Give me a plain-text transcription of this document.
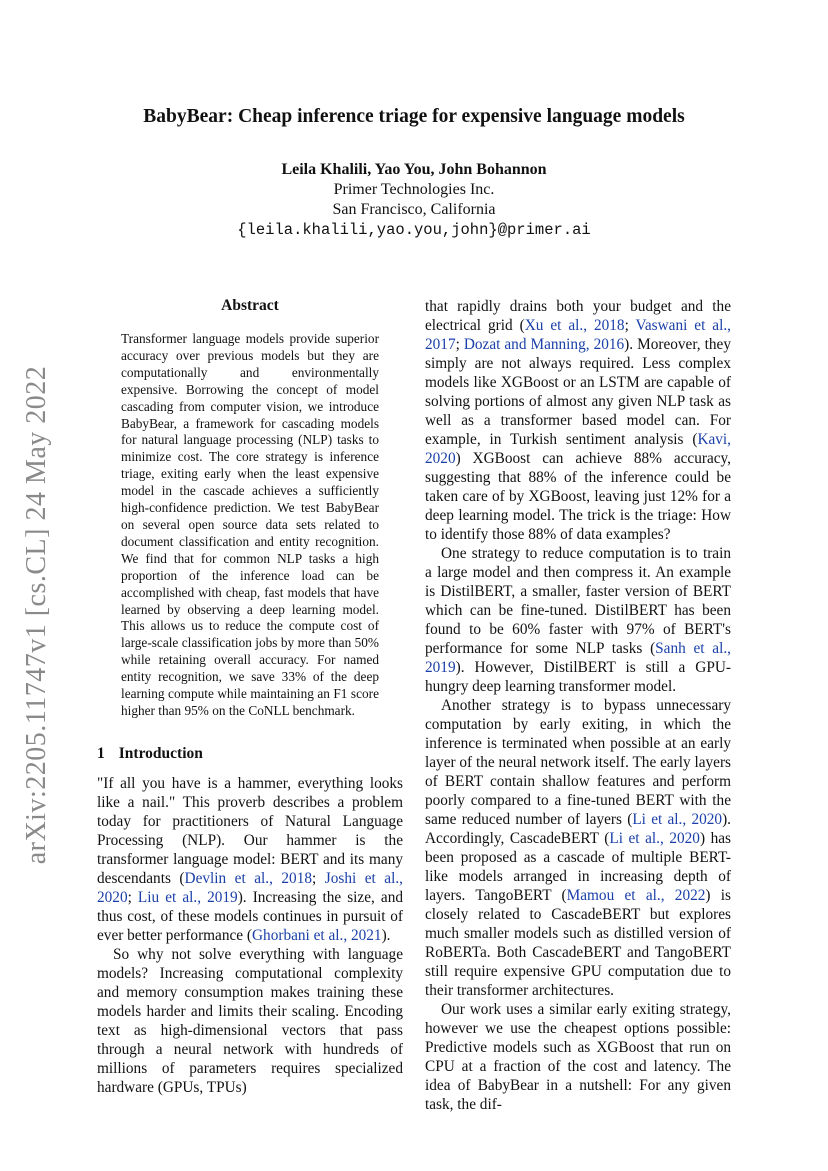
arXiv:2205.11747v1 [cs.CL] 24 May 2022
BabyBear: Cheap inference triage for expensive language models
Leila Khalili, Yao You, John Bohannon
Primer Technologies Inc.
San Francisco, California
{leila.khalili,yao.you,john}@primer.ai
Abstract

Transformer language models provide superior accuracy over previous models but they are computationally and environmentally expensive. Borrowing the concept of model cascading from computer vision, we introduce BabyBear, a framework for cascading models for natural language processing (NLP) tasks to minimize cost. The core strategy is inference triage, exiting early when the least expensive model in the cascade achieves a sufficiently high-confidence prediction. We test BabyBear on several open source data sets related to document classification and entity recognition. We find that for common NLP tasks a high proportion of the inference load can be accomplished with cheap, fast models that have learned by observing a deep learning model. This allows us to reduce the compute cost of large-scale classification jobs by more than 50% while retaining overall accuracy. For named entity recognition, we save 33% of the deep learning compute while maintaining an F1 score higher than 95% on the CoNLL benchmark.

1 Introduction

"If all you have is a hammer, everything looks like a nail." This proverb describes a problem today for practitioners of Natural Language Processing (NLP). Our hammer is the transformer language model: BERT and its many descendants (Devlin et al., 2018; Joshi et al., 2020; Liu et al., 2019). Increasing the size, and thus cost, of these models continues in pursuit of ever better performance (Ghorbani et al., 2021).

So why not solve everything with language models? Increasing computational complexity and memory consumption makes training these models harder and limits their scaling. Encoding text as high-dimensional vectors that pass through a neural network with hundreds of millions of parameters requires specialized hardware (GPUs, TPUs)

that rapidly drains both your budget and the electrical grid (Xu et al., 2018; Vaswani et al., 2017; Dozat and Manning, 2016). Moreover, they simply are not always required. Less complex models like XGBoost or an LSTM are capable of solving portions of almost any given NLP task as well as a transformer based model can. For example, in Turkish sentiment analysis (Kavi, 2020) XGBoost can achieve 88% accuracy, suggesting that 88% of the inference could be taken care of by XGBoost, leaving just 12% for a deep learning model. The trick is the triage: How to identify those 88% of data examples?

One strategy to reduce computation is to train a large model and then compress it. An example is DistilBERT, a smaller, faster version of BERT which can be fine-tuned. DistilBERT has been found to be 60% faster with 97% of BERT's performance for some NLP tasks (Sanh et al., 2019). However, DistilBERT is still a GPU-hungry deep learning transformer model.

Another strategy is to bypass unnecessary computation by early exiting, in which the inference is terminated when possible at an early layer of the neural network itself. The early layers of BERT contain shallow features and perform poorly compared to a fine-tuned BERT with the same reduced number of layers (Li et al., 2020). Accordingly, CascadeBERT (Li et al., 2020) has been proposed as a cascade of multiple BERT-like models arranged in increasing depth of layers. TangoBERT (Mamou et al., 2022) is closely related to CascadeBERT but explores much smaller models such as distilled version of RoBERTa. Both CascadeBERT and TangoBERT still require expensive GPU computation due to their transformer architectures.

Our work uses a similar early exiting strategy, however we use the cheapest options possible: Predictive models such as XGBoost that run on CPU at a fraction of the cost and latency. The idea of BabyBear in a nutshell: For any given task, the dif-
